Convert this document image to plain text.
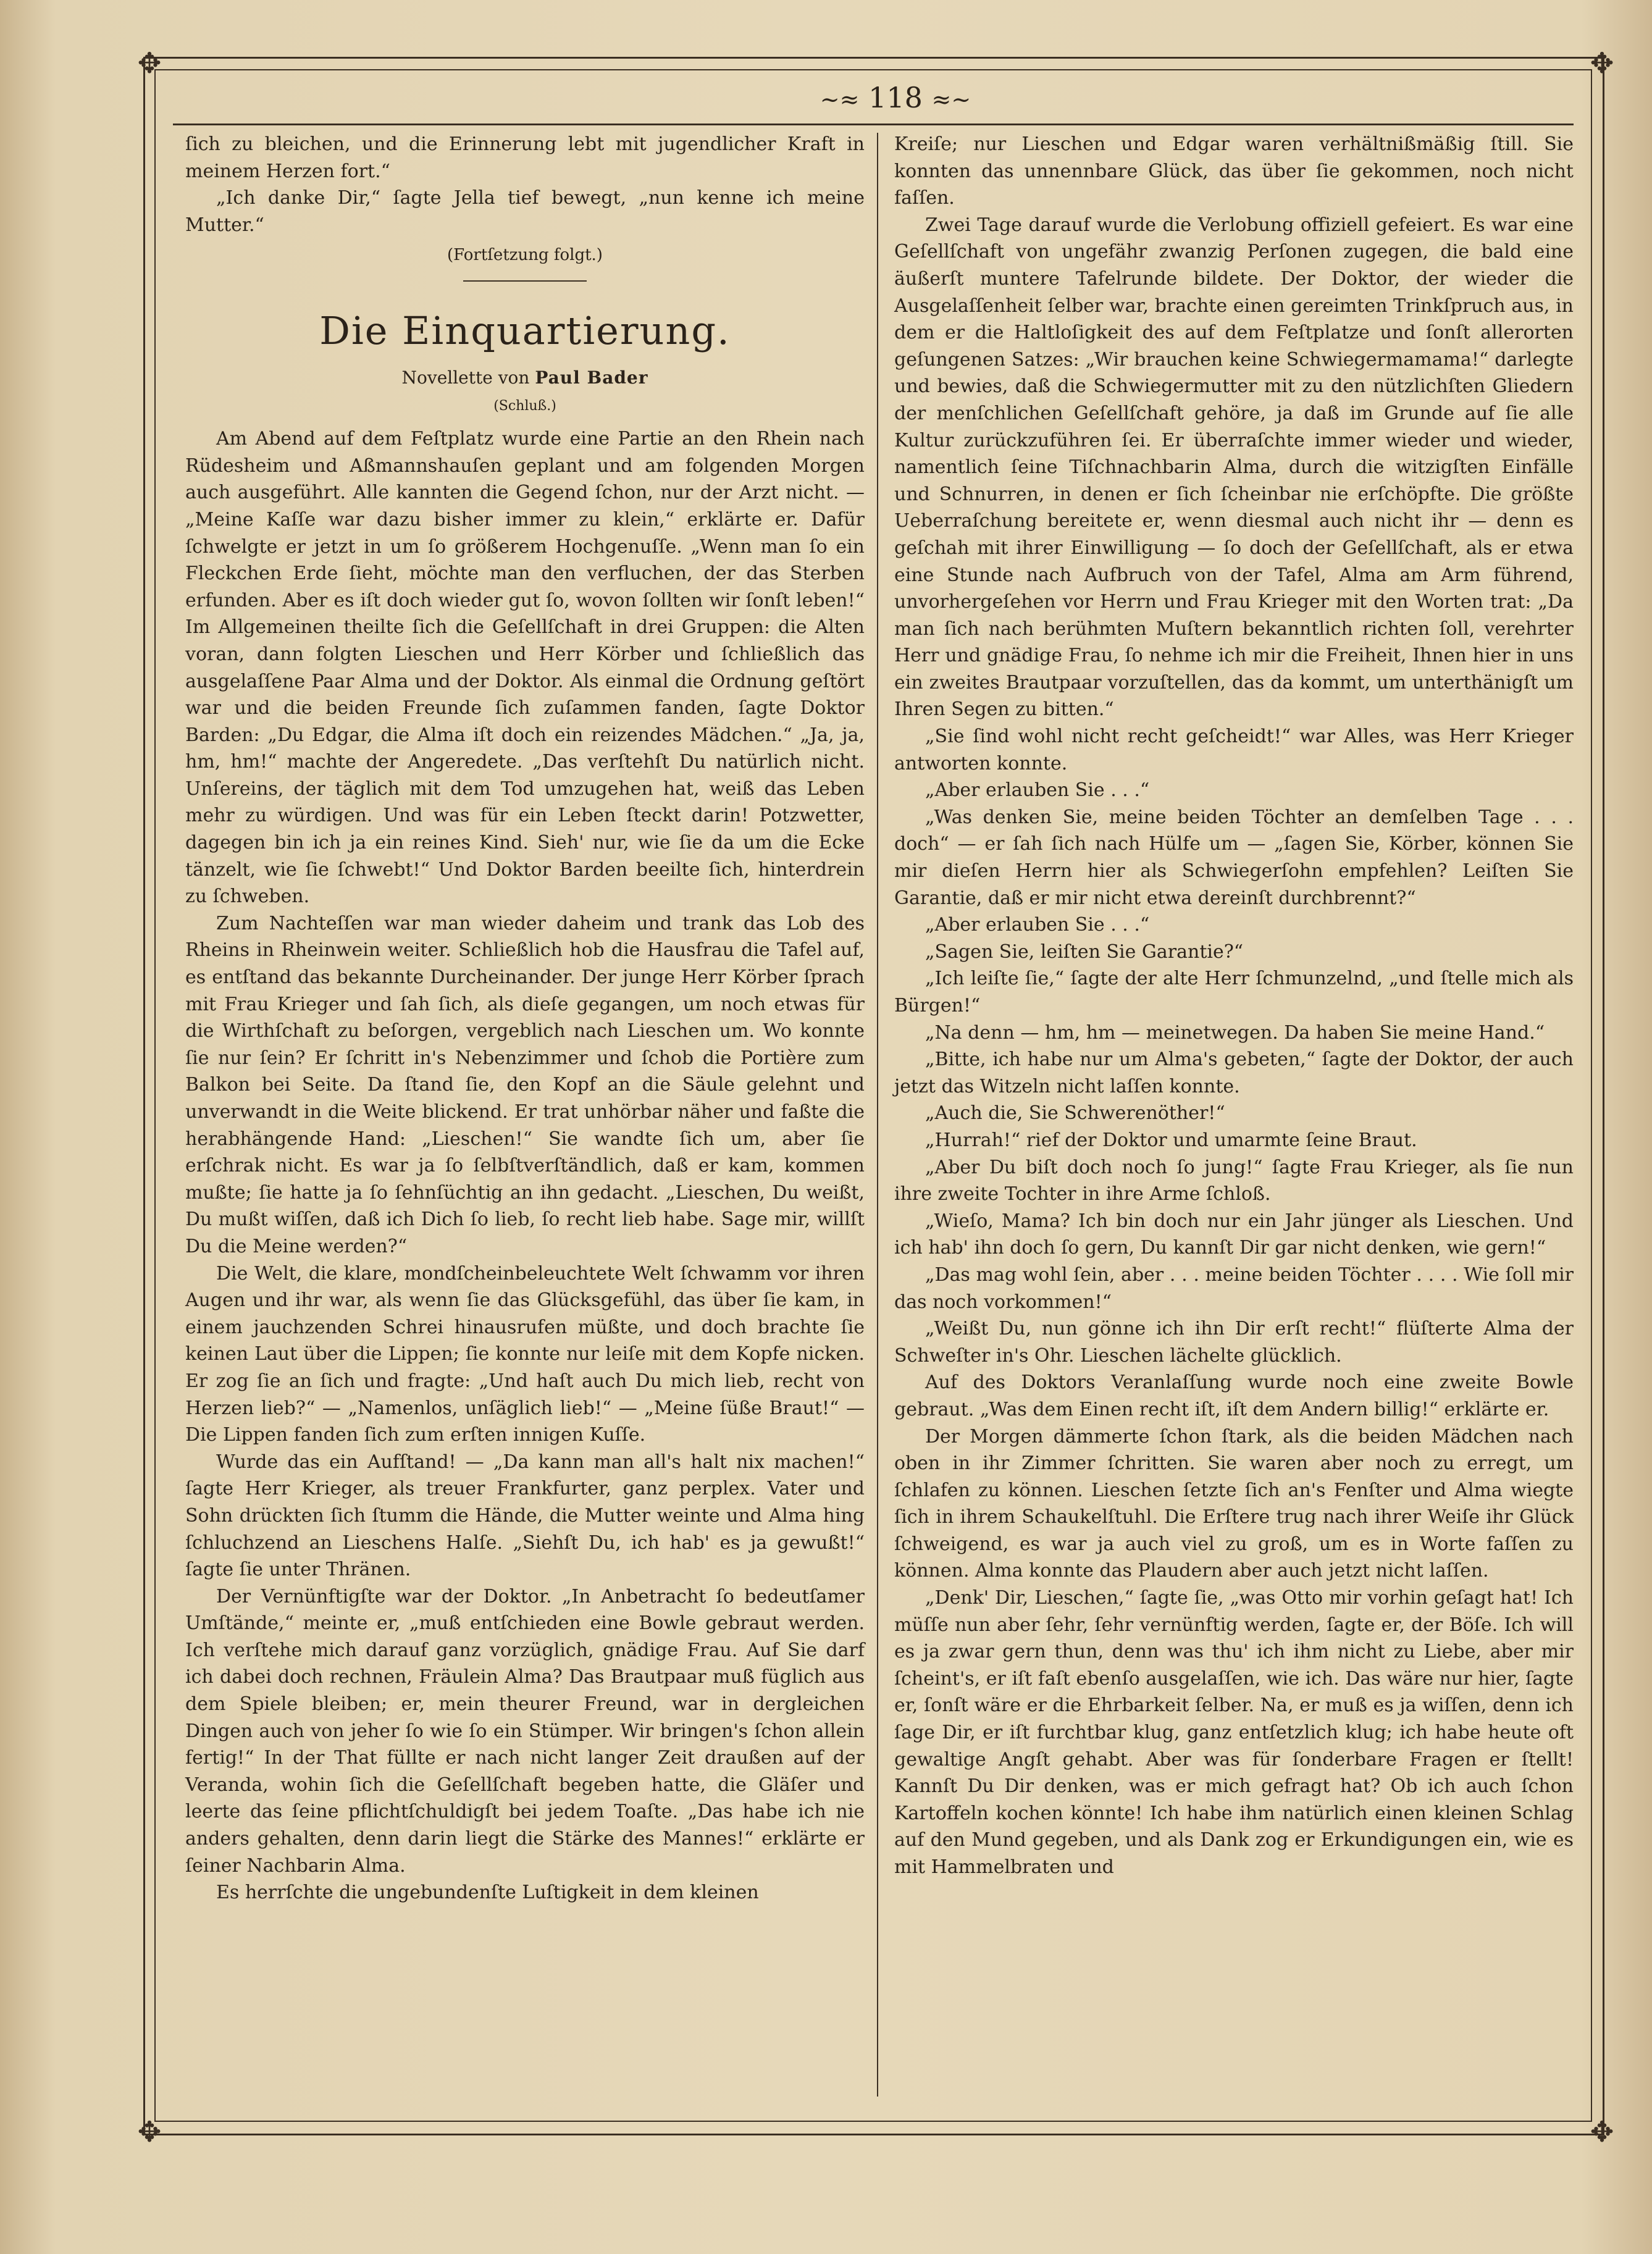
✥	✥
✥	✥
~≈ 118 ≈~

ſich zu bleichen, und die Erinnerung lebt mit jugendlicher Kraft in meinem Herzen fort.“

„Ich danke Dir,“ ſagte Jella tief bewegt, „nun kenne ich meine Mutter.“

(Fortſetzung folgt.)

Die Einquartierung.

Novellette von Paul Bader

(Schluß.)

Am Abend auf dem Feſtplatz wurde eine Partie an den Rhein nach Rüdesheim und Aßmannshauſen geplant und am folgenden Morgen auch ausgeführt. Alle kannten die Gegend ſchon, nur der Arzt nicht. — „Meine Kaſſe war dazu bisher immer zu klein,“ erklärte er. Dafür ſchwelgte er jetzt in um ſo größerem Hochgenuſſe. „Wenn man ſo ein Fleckchen Erde ſieht, möchte man den verfluchen, der das Sterben erfunden. Aber es iſt doch wieder gut ſo, wovon ſollten wir ſonſt leben!“ Im Allgemeinen theilte ſich die Geſellſchaft in drei Gruppen: die Alten voran, dann folgten Lieschen und Herr Körber und ſchließlich das ausgelaſſene Paar Alma und der Doktor. Als einmal die Ordnung geſtört war und die beiden Freunde ſich zuſammen fanden, ſagte Doktor Barden: „Du Edgar, die Alma iſt doch ein reizendes Mädchen.“ „Ja, ja, hm, hm!“ machte der Angeredete. „Das verſtehſt Du natürlich nicht. Unſereins, der täglich mit dem Tod umzugehen hat, weiß das Leben mehr zu würdigen. Und was für ein Leben ſteckt darin! Potzwetter, dagegen bin ich ja ein reines Kind. Sieh' nur, wie ſie da um die Ecke tänzelt, wie ſie ſchwebt!“ Und Doktor Barden beeilte ſich, hinterdrein zu ſchweben.

Zum Nachteſſen war man wieder daheim und trank das Lob des Rheins in Rheinwein weiter. Schließlich hob die Hausfrau die Tafel auf, es entſtand das bekannte Durcheinander. Der junge Herr Körber ſprach mit Frau Krieger und ſah ſich, als dieſe gegangen, um noch etwas für die Wirthſchaft zu beſorgen, vergeblich nach Lieschen um. Wo konnte ſie nur ſein? Er ſchritt in's Nebenzimmer und ſchob die Portière zum Balkon bei Seite. Da ſtand ſie, den Kopf an die Säule gelehnt und unverwandt in die Weite blickend. Er trat unhörbar näher und faßte die herabhängende Hand: „Lieschen!“ Sie wandte ſich um, aber ſie erſchrak nicht. Es war ja ſo ſelbſtverſtändlich, daß er kam, kommen mußte; ſie hatte ja ſo ſehnſüchtig an ihn gedacht. „Lieschen, Du weißt, Du mußt wiſſen, daß ich Dich ſo lieb, ſo recht lieb habe. Sage mir, willſt Du die Meine werden?“

Die Welt, die klare, mondſcheinbeleuchtete Welt ſchwamm vor ihren Augen und ihr war, als wenn ſie das Glücksgefühl, das über ſie kam, in einem jauchzenden Schrei hinausrufen müßte, und doch brachte ſie keinen Laut über die Lippen; ſie konnte nur leiſe mit dem Kopfe nicken. Er zog ſie an ſich und fragte: „Und haſt auch Du mich lieb, recht von Herzen lieb?“ — „Namenlos, unſäglich lieb!“ — „Meine ſüße Braut!“ — Die Lippen fanden ſich zum erſten innigen Kuſſe.

Wurde das ein Aufſtand! — „Da kann man all's halt nix machen!“ ſagte Herr Krieger, als treuer Frankfurter, ganz perplex. Vater und Sohn drückten ſich ſtumm die Hände, die Mutter weinte und Alma hing ſchluchzend an Lieschens Halſe. „Siehſt Du, ich hab' es ja gewußt!“ ſagte ſie unter Thränen.

Der Vernünftigſte war der Doktor. „In Anbetracht ſo bedeutſamer Umſtände,“ meinte er, „muß entſchieden eine Bowle gebraut werden. Ich verſtehe mich darauf ganz vorzüglich, gnädige Frau. Auf Sie darf ich dabei doch rechnen, Fräulein Alma? Das Brautpaar muß füglich aus dem Spiele bleiben; er, mein theurer Freund, war in dergleichen Dingen auch von jeher ſo wie ſo ein Stümper. Wir bringen's ſchon allein fertig!“ In der That füllte er nach nicht langer Zeit draußen auf der Veranda, wohin ſich die Geſellſchaft begeben hatte, die Gläſer und leerte das ſeine pflichtſchuldigſt bei jedem Toaſte. „Das habe ich nie anders gehalten, denn darin liegt die Stärke des Mannes!“ erklärte er ſeiner Nachbarin Alma.

Es herrſchte die ungebundenſte Luſtigkeit in dem kleinen

Kreiſe; nur Lieschen und Edgar waren verhältnißmäßig ſtill. Sie konnten das unnennbare Glück, das über ſie gekommen, noch nicht faſſen.

Zwei Tage darauf wurde die Verlobung offiziell gefeiert. Es war eine Geſellſchaft von ungefähr zwanzig Perſonen zugegen, die bald eine äußerſt muntere Tafelrunde bildete. Der Doktor, der wieder die Ausgelaſſenheit ſelber war, brachte einen gereimten Trinkſpruch aus, in dem er die Haltloſigkeit des auf dem Feſtplatze und ſonſt allerorten geſungenen Satzes: „Wir brauchen keine Schwiegermamama!“ darlegte und bewies, daß die Schwiegermutter mit zu den nützlichſten Gliedern der menſchlichen Geſellſchaft gehöre, ja daß im Grunde auf ſie alle Kultur zurückzuführen ſei. Er überraſchte immer wieder und wieder, namentlich ſeine Tiſchnachbarin Alma, durch die witzigſten Einfälle und Schnurren, in denen er ſich ſcheinbar nie erſchöpfte. Die größte Ueberraſchung bereitete er, wenn diesmal auch nicht ihr — denn es geſchah mit ihrer Einwilligung — ſo doch der Geſellſchaft, als er etwa eine Stunde nach Aufbruch von der Tafel, Alma am Arm führend, unvorhergeſehen vor Herrn und Frau Krieger mit den Worten trat: „Da man ſich nach berühmten Muſtern bekanntlich richten ſoll, verehrter Herr und gnädige Frau, ſo nehme ich mir die Freiheit, Ihnen hier in uns ein zweites Brautpaar vorzuſtellen, das da kommt, um unterthänigſt um Ihren Segen zu bitten.“

„Sie ſind wohl nicht recht geſcheidt!“ war Alles, was Herr Krieger antworten konnte.

„Aber erlauben Sie . . .“

„Was denken Sie, meine beiden Töchter an demſelben Tage . . . doch“ — er ſah ſich nach Hülfe um — „ſagen Sie, Körber, können Sie mir dieſen Herrn hier als Schwiegerſohn empfehlen? Leiſten Sie Garantie, daß er mir nicht etwa dereinſt durchbrennt?“

„Aber erlauben Sie . . .“

„Sagen Sie, leiſten Sie Garantie?“

„Ich leiſte ſie,“ ſagte der alte Herr ſchmunzelnd, „und ſtelle mich als Bürgen!“

„Na denn — hm, hm — meinetwegen. Da haben Sie meine Hand.“

„Bitte, ich habe nur um Alma's gebeten,“ ſagte der Doktor, der auch jetzt das Witzeln nicht laſſen konnte.

„Auch die, Sie Schwerenöther!“

„Hurrah!“ rief der Doktor und umarmte ſeine Braut.

„Aber Du biſt doch noch ſo jung!“ ſagte Frau Krieger, als ſie nun ihre zweite Tochter in ihre Arme ſchloß.

„Wieſo, Mama? Ich bin doch nur ein Jahr jünger als Lieschen. Und ich hab' ihn doch ſo gern, Du kannſt Dir gar nicht denken, wie gern!“

„Das mag wohl ſein, aber . . . meine beiden Töchter . . . . Wie ſoll mir das noch vorkommen!“

„Weißt Du, nun gönne ich ihn Dir erſt recht!“ flüſterte Alma der Schweſter in's Ohr. Lieschen lächelte glücklich.

Auf des Doktors Veranlaſſung wurde noch eine zweite Bowle gebraut. „Was dem Einen recht iſt, iſt dem Andern billig!“ erklärte er.

Der Morgen dämmerte ſchon ſtark, als die beiden Mädchen nach oben in ihr Zimmer ſchritten. Sie waren aber noch zu erregt, um ſchlafen zu können. Lieschen ſetzte ſich an's Fenſter und Alma wiegte ſich in ihrem Schaukelſtuhl. Die Erſtere trug nach ihrer Weiſe ihr Glück ſchweigend, es war ja auch viel zu groß, um es in Worte faſſen zu können. Alma konnte das Plaudern aber auch jetzt nicht laſſen.

„Denk' Dir, Lieschen,“ ſagte ſie, „was Otto mir vorhin geſagt hat! Ich müſſe nun aber ſehr, ſehr vernünftig werden, ſagte er, der Böſe. Ich will es ja zwar gern thun, denn was thu' ich ihm nicht zu Liebe, aber mir ſcheint's, er iſt faſt ebenſo ausgelaſſen, wie ich. Das wäre nur hier, ſagte er, ſonſt wäre er die Ehrbarkeit ſelber. Na, er muß es ja wiſſen, denn ich ſage Dir, er iſt furchtbar klug, ganz entſetzlich klug; ich habe heute oft gewaltige Angſt gehabt. Aber was für ſonderbare Fragen er ſtellt! Kannſt Du Dir denken, was er mich gefragt hat? Ob ich auch ſchon Kartoffeln kochen könnte! Ich habe ihm natürlich einen kleinen Schlag auf den Mund gegeben, und als Dank zog er Erkundigungen ein, wie es mit Hammelbraten und
